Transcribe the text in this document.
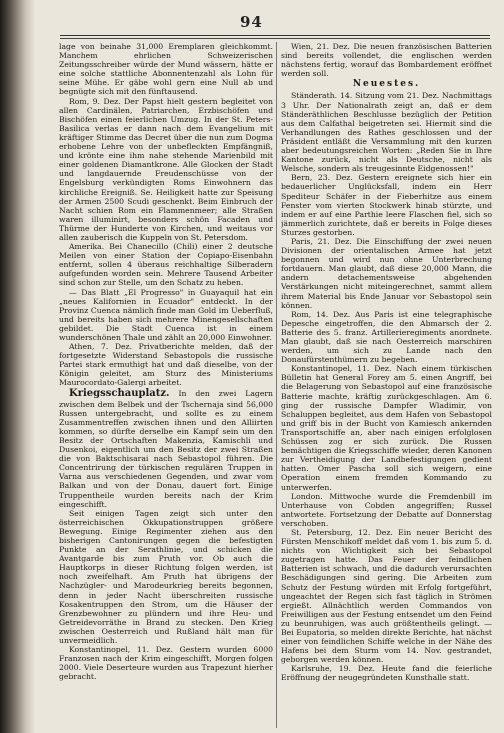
94

lage von beinahe 31,000 Eremplaren gleichkommt. Manchem ehrlichen Schweizerischen Zeitungsschreiber würde der Mund wässern, hätte er eine solche stattliche Abonnentenzahl als Lohn für seine Mühe. Er gäbe wohl gern eine Null ab und begnügte sich mit den fünftausend.

Rom, 9. Dez. Der Papst hielt gestern begleitet von allen Cardinälen, Patriarchen, Erzbischöfen und Bischöfen einen feierlichen Umzug. In der St. Peters-Basilica verlas er dann nach dem Evangelium mit kräftiger Stimme das Decret über die nun zum Dogma erhobene Lehre von der unbefleckten Empfängniß, und krönte eine ihm nahe stehende Marienbild mit einer goldenen Diamantkrone. Alle Glocken der Stadt und langdauernde Freudenschüsse von der Engelsburg verkündigten Roms Einwohnern das kirchliche Ereigniß. Se. Heiligkeit hatte zur Speisung der Armen 2500 Scudi geschenkt. Beim Einbruch der Nacht schien Rom ein Flammenmeer; alle Straßen waren illuminirt, besonders schön Facaden und Thürme der Hunderte von Kirchen, und weitaus vor allen zauberisch die Kuppeln von St. Petersdom.

Amerika. Bei Chanecillo (Chili) einer 2 deutsche Meilen von einer Station der Copiapo-Eisenbahn entfernt, sollen 4 überaus reichhaltige Silberadern aufgefunden worden sein. Mehrere Tausend Arbeiter sind schon zur Stelle, um den Schatz zu heben.

— Das Blatt „El Progresso" in Guayaquil hat ein „neues Kalifornien in Ecuador" entdeckt. In der Provinz Cuenca nämlich finde man Gold im Ueberfluß, und bereits haben sich mehrere Minengesellschaften gebildet. Die Stadt Cuenca ist in einem wunderschönen Thale und zählt an 20,000 Einwohner.

Athen, 7. Dez. Privatberichte melden, daß der fortgesetzte Widerstand Sebastopols die russische Partei stark ermuthigt hat und daß dieselbe, von der Königin geleitet, am Sturz des Ministeriums Maurocordato-Galergi arbeitet.

Kriegsschauplatz. In den zwei Lagern zwischen dem Belbek und der Tschernaja sind 56,000 Russen untergebracht, und sollte es zu einem Zusammentreffen zwischen ihnen und den Alliirten kommen, so dürfte derselbe ein Kampf sein um den Besitz der Ortschaften Makenzia, Kamischli und Dusenkoi, eigentlich um den Besitz der zwei Straßen die von Baktschisarai nach Sebastopol führen. Die Concentrirung der türkischen regulären Truppen in Varna aus verschiedenen Gegenden, und zwar vom Balkan und von der Donau, dauert fort. Einige Truppentheile wurden bereits nach der Krim eingeschifft.

Seit einigen Tagen zeigt sich unter den österreichischen Okkupationstruppen größere Bewegung. Einige Regimenter ziehen aus den bisherigen Cantonirungen gegen die befestigten Punkte an der Serathlinie, und schicken die Avantgarde bis zum Pruth vor. Ob auch die Hauptkorps in dieser Richtung folgen werden, ist noch zweifelhaft. Am Pruth hat übrigens der Nachzügler- und Marodeurkrieg bereits begonnen, denn in jeder Nacht überschreiten russische Kosakentruppen den Strom, um die Häuser der Grenzbewohner zu plündern und ihre Heu- und Getreidevorräthe in Brand zu stecken. Den Krieg zwischen Oesterreich und Rußland hält man für unvermeidlich.

Konstantinopel, 11. Dez. Gestern wurden 6000 Franzosen nach der Krim eingeschifft, Morgen folgen 2000. Viele Deserteure wurden aus Trapezunt hierher gebracht.

Wien, 21. Dez. Die neuen französischen Batterien sind bereits vollendet, die englischen werden nächstens fertig, worauf das Bombardement eröffnet werden soll.

Neuestes.

Ständerath. 14. Sitzung vom 21. Dez. Nachmittags 3 Uhr. Der Nationalrath zeigt an, daß er dem Ständeräthlichen Beschlusse bezüglich der Petition aus dem Calfathal beigetreten sei. Hiermit sind die Verhandlungen des Rathes geschlossen und der Präsident entläßt die Versammlung mit den kurzen aber bedeutungsreichen Worten: „Reden Sie in Ihre Kantone zurück, nicht als Deutsche, nicht als Welsche, sondern als treugesinnte Eidgenossen!"

Bern, 23. Dez. Gestern ereignete sich hier ein bedauerlicher Unglücksfall, indem ein Herr Spediteur Schäfer in der Fieberhitze aus einem Fenster vom vierten Stockwerk hinab stürzte, und indem er auf eine Parthie leere Flaschen fiel, sich so jämmerlich zurichtete, daß er bereits in Folge dieses Sturzes gestorben.

Paris, 21. Dez. Die Einschiffung der zwei neuen Divisionen der orientalischen Armee hat jetzt begonnen und wird nun ohne Unterbrechung fortdauern. Man glaubt, daß diese 20,000 Mann, die andern detachementsweise abgehenden Verstärkungen nicht miteingerechnet, sammt allem ihrem Material bis Ende Januar vor Sebastopol sein können.

Rom, 14. Dez. Aus Paris ist eine telegraphische Depesche eingetroffen, die den Abmarsch der 2. Batterie des 5. franz. Artillerieregiments anordnete. Man glaubt, daß sie nach Oesterreich marschiren werden, um sich zu Lande nach den Donaufürstenthümern zu begeben.

Konstantinopel, 11. Dez. Nach einem türkischen Bülletin hat General Forey am 5. einen Angriff, bei die Belagerung von Sebastopol auf eine französische Batterie machte, kräftig zurückgeschlagen. Am 6. ging der russische Dampfer Wladimir, von Schaluppen begleitet, aus dem Hafen von Sebastopol und griff bis in der Bucht von Kamiesch ankernden Transportschiffe an, aber nach einigen erfolglosen Schüssen zog er sich zurück. Die Russen bemächtigen die Kriegsschiffe wieder, deren Kanonen zur Vertheidigung der Landbefestigungen gedient hatten. Omer Pascha soll sich weigern, eine Operation einem fremden Kommando zu unterwerfen.

London. Mittwoche wurde die Fremdenbill im Unterhause von Cobden angegriffen; Russel antwortete. Fortsetzung der Debatte auf Donnerstag verschoben.

St. Petersburg, 12. Dez. Ein neuer Bericht des Fürsten Menschikoff meldet daß vom 1. bis zum 5. d. nichts von Wichtigkeit sich bei Sebastopol zugetragen hatte. Das Feuer der feindlichen Batterien ist schwach, und die dadurch verursachten Beschädigungen sind gering. Die Arbeiten zum Schutz der Festung würden mit Erfolg fortgeführt, ungeachtet der Regen sich fast täglich in Strömen ergießt. Allnächtlich werden Commandos von Freiwilligen aus der Festung entsendet um den Feind zu beunruhigen, was auch größtentheils gelingt. — Bei Eupatoria, so melden direkte Berichte, hat nächst einer von feindlichen Schiffe welche in der Nähe des Hafens bei dem Sturm vom 14. Nov. gestrandet, geborgen werden können.

Karlsruhe, 19. Dez. Heute fand die feierliche Eröffnung der neugegründeten Kunsthalle statt.
